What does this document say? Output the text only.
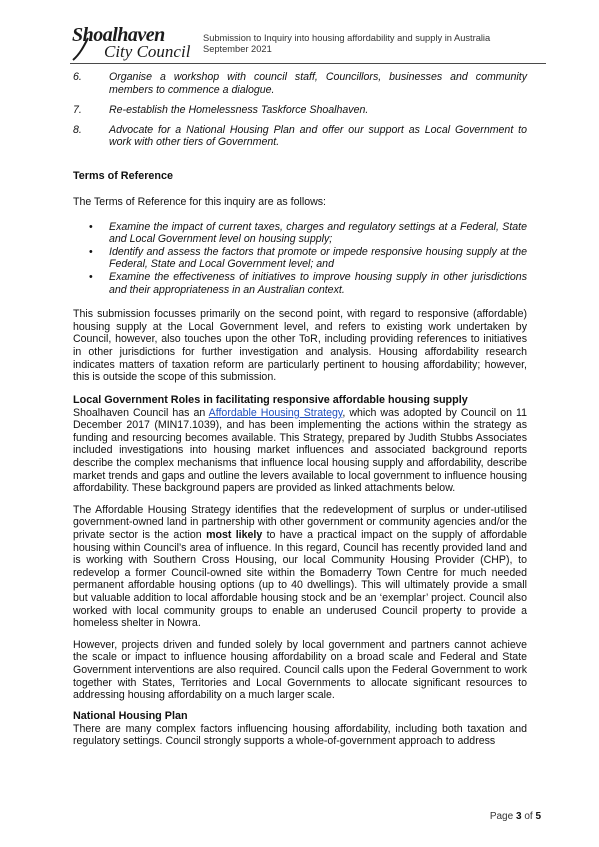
Shoalhaven
City Council
Submission to Inquiry into housing affordability and supply in Australia
September 2021
6.	Organise a workshop with council staff, Councillors, businesses and community members to commence a dialogue.
7.	Re-establish the Homelessness Taskforce Shoalhaven.
8.	Advocate for a National Housing Plan and offer our support as Local Government to work with other tiers of Government.
Terms of Reference

The Terms of Reference for this inquiry are as follows:

• Examine the impact of current taxes, charges and regulatory settings at a Federal, State and Local Government level on housing supply;
• Identify and assess the factors that promote or impede responsive housing supply at the Federal, State and Local Government level; and
• Examine the effectiveness of initiatives to improve housing supply in other jurisdictions and their appropriateness in an Australian context.

This submission focusses primarily on the second point, with regard to responsive (affordable) housing supply at the Local Government level, and refers to existing work undertaken by Council, however, also touches upon the other ToR, including providing references to initiatives in other jurisdictions for further investigation and analysis. Housing affordability research indicates matters of taxation reform are particularly pertinent to housing affordability; however, this is outside the scope of this submission.

Local Government Roles in facilitating responsive affordable housing supply

Shoalhaven Council has an Affordable Housing Strategy, which was adopted by Council on 11 December 2017 (MIN17.1039), and has been implementing the actions within the strategy as funding and resourcing becomes available. This Strategy, prepared by Judith Stubbs Associates included investigations into housing market influences and associated background reports describe the complex mechanisms that influence local housing supply and affordability, describe market trends and gaps and outline the levers available to local government to influence housing affordability. These background papers are provided as linked attachments below.

The Affordable Housing Strategy identifies that the redevelopment of surplus or under-utilised government-owned land in partnership with other government or community agencies and/or the private sector is the action most likely to have a practical impact on the supply of affordable housing within Council’s area of influence. In this regard, Council has recently provided land and is working with Southern Cross Housing, our local Community Housing Provider (CHP), to redevelop a former Council-owned site within the Bomaderry Town Centre for much needed permanent affordable housing options (up to 40 dwellings). This will ultimately provide a small but valuable addition to local affordable housing stock and be an ‘exemplar’ project. Council also worked with local community groups to enable an underused Council property to provide a homeless shelter in Nowra.

However, projects driven and funded solely by local government and partners cannot achieve the scale or impact to influence housing affordability on a broad scale and Federal and State Government interventions are also required. Council calls upon the Federal Government to work together with States, Territories and Local Governments to allocate significant resources to addressing housing affordability on a much larger scale.

National Housing Plan

There are many complex factors influencing housing affordability, including both taxation and regulatory settings. Council strongly supports a whole-of-government approach to address

Page 3 of 5
